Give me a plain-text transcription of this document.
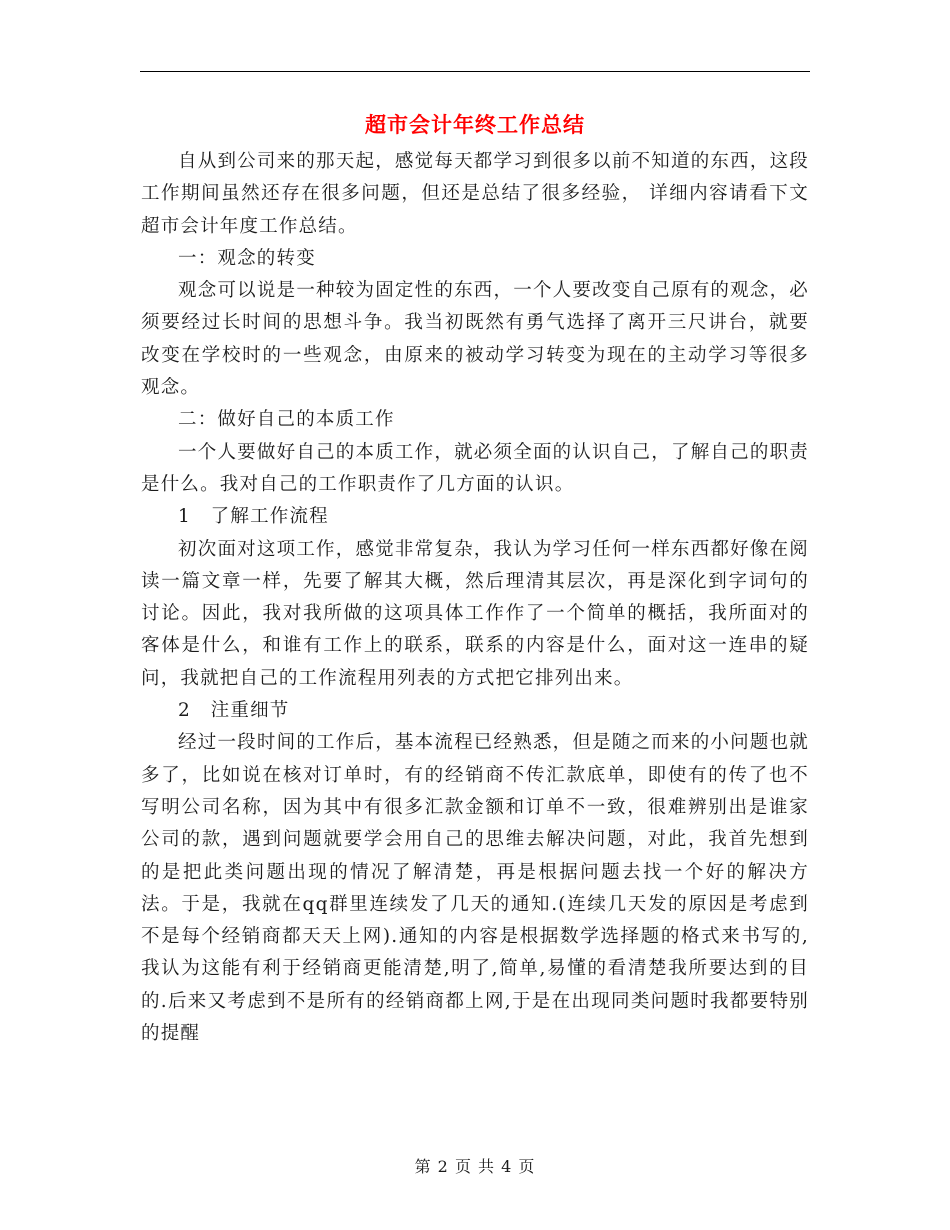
超市会计年终工作总结

自从到公司来的那天起，感觉每天都学习到很多以前不知道的东西，这段工作期间虽然还存在很多问题，但还是总结了很多经验， 详细内容请看下文超市会计年度工作总结。

一：观念的转变

观念可以说是一种较为固定性的东西，一个人要改变自己原有的观念，必须要经过长时间的思想斗争。我当初既然有勇气选择了离开三尺讲台，就要改变在学校时的一些观念，由原来的被动学习转变为现在的主动学习等很多观念。

二：做好自己的本质工作

一个人要做好自己的本质工作，就必须全面的认识自己，了解自己的职责是什么。我对自己的工作职责作了几方面的认识。

1　了解工作流程

初次面对这项工作，感觉非常复杂，我认为学习任何一样东西都好像在阅读一篇文章一样，先要了解其大概，然后理清其层次，再是深化到字词句的讨论。因此，我对我所做的这项具体工作作了一个简单的概括，我所面对的客体是什么，和谁有工作上的联系，联系的内容是什么，面对这一连串的疑问，我就把自己的工作流程用列表的方式把它排列出来。

2　注重细节

经过一段时间的工作后，基本流程已经熟悉，但是随之而来的小问题也就多了，比如说在核对订单时，有的经销商不传汇款底单，即使有的传了也不写明公司名称，因为其中有很多汇款金额和订单不一致，很难辨别出是谁家公司的款，遇到问题就要学会用自己的思维去解决问题，对此，我首先想到的是把此类问题出现的情况了解清楚，再是根据问题去找一个好的解决方法。于是，我就在qq群里连续发了几天的通知.(连续几天发的原因是考虑到不是每个经销商都天天上网).通知的内容是根据数学选择题的格式来书写的,我认为这能有利于经销商更能清楚,明了,简单,易懂的看清楚我所要达到的目的.后来又考虑到不是所有的经销商都上网,于是在出现同类问题时我都要特别的提醒

第 2 页 共 4 页
